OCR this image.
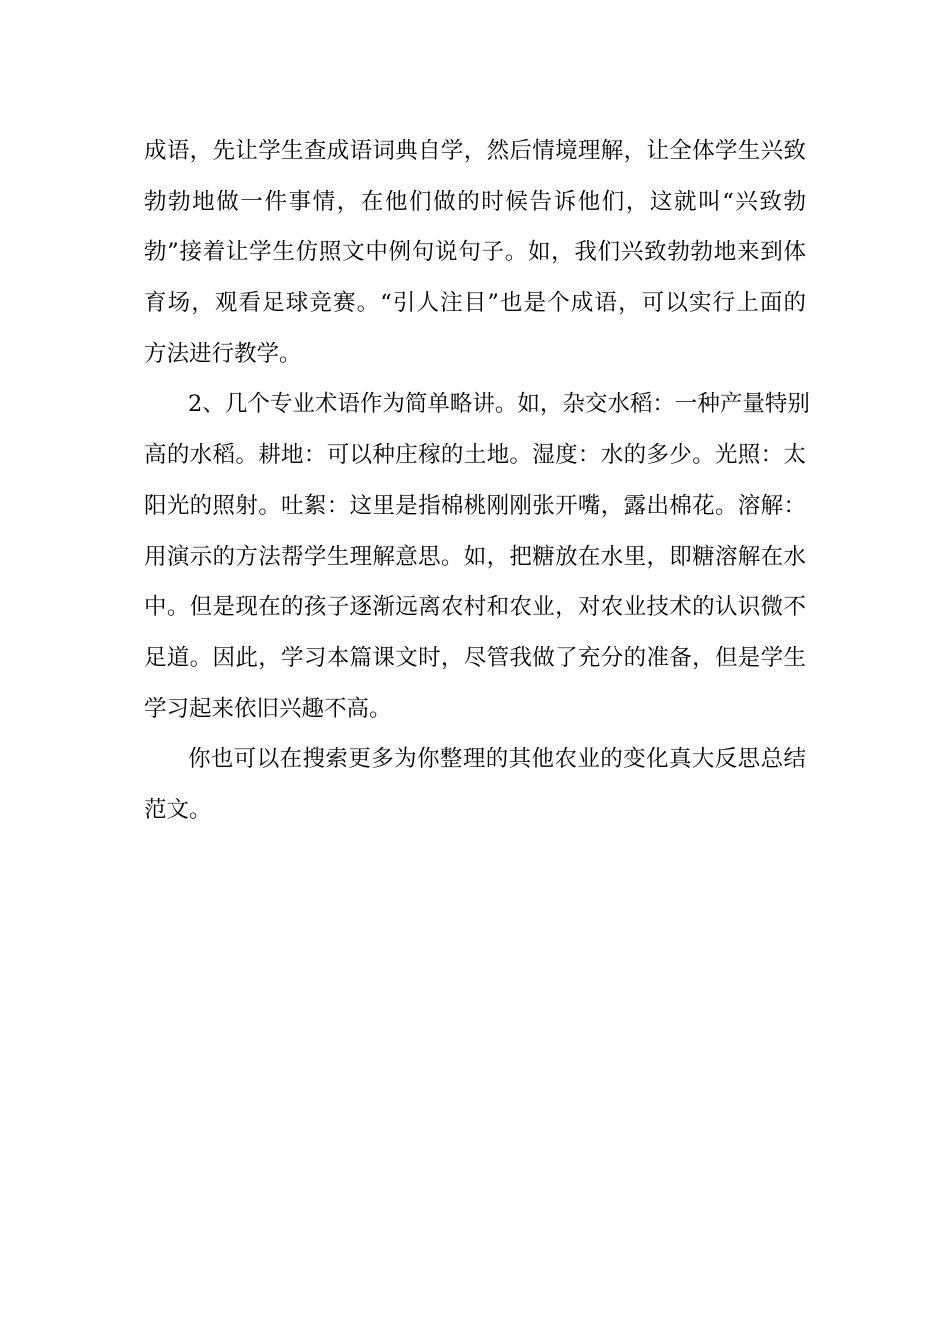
成语，先让学生查成语词典自学，然后情境理解，让全体学生兴致
勃勃地做一件事情，在他们做的时候告诉他们，这就叫“兴致勃
勃”接着让学生仿照文中例句说句子。如，我们兴致勃勃地来到体
育场，观看足球竞赛。“引人注目”也是个成语，可以实行上面的
方法进行教学。
2、几个专业术语作为简单略讲。如，杂交水稻：一种产量特别
高的水稻。耕地：可以种庄稼的土地。湿度：水的多少。光照：太
阳光的照射。吐絮：这里是指棉桃刚刚张开嘴，露出棉花。溶解：
用演示的方法帮学生理解意思。如，把糖放在水里，即糖溶解在水
中。但是现在的孩子逐渐远离农村和农业，对农业技术的认识微不
足道。因此，学习本篇课文时，尽管我做了充分的准备，但是学生
学习起来依旧兴趣不高。
你也可以在搜索更多为你整理的其他农业的变化真大反思总结
范文。
